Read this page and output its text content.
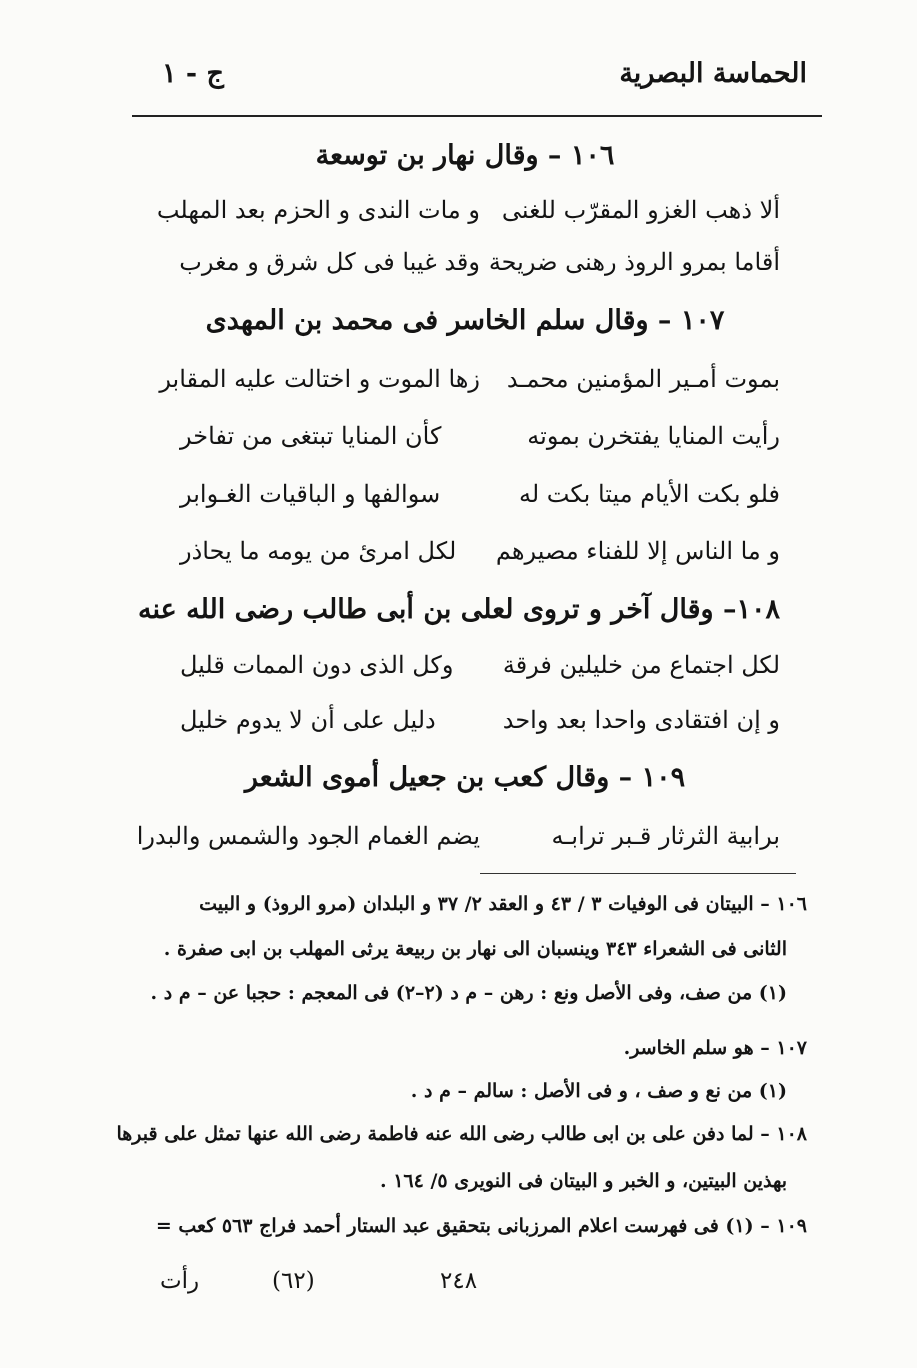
الحماسة البصرية
ج - ١
١٠٦ – وقال نهار بن توسعة
ألا ذهب الغزو المقرّب للغنى
و مات الندى و الحزم بعد المهلب
أقاما بمرو الروذ رهنى ضريحة
وقد غيبا فى كل شرق و مغرب
١٠٧ – وقال سلم الخاسر فى محمد بن المهدى
بموت أمـير المؤمنين محمـد
زها الموت و اختالت عليه المقابر
رأيت المنايا يفتخرن بموته
كأن المنايا تبتغى من تفاخر
فلو بكت الأيام ميتا بكت له
سوالفها و الباقيات الغـوابر
و ما الناس إلا للفناء مصيرهم
لكل امرئ من يومه ما يحاذر
١٠٨– وقال آخر و تروى لعلى بن أبى طالب رضى الله عنه
لكل اجتماع من خليلين فرقة
وكل الذى دون الممات قليل
و إن افتقادى واحدا بعد واحد
دليل على أن لا يدوم خليل
١٠٩ – وقال كعب بن جعيل أموى الشعر
برابية الثرثار قـبر ترابـه
يضم الغمام الجود والشمس والبدرا
١٠٦ – البيتان فى الوفيات ٣ / ٤٣ و العقد ٢/ ٣٧ و البلدان (مرو الروذ) و البيت
الثانى فى الشعراء ٣٤٣ وينسبان الى نهار بن ربيعة يرثى المهلب بن ابى صفرة .
(١) من صف، وفى الأصل ونع : رهن – م د (٢–٢) فى المعجم : حجبا عن – م د .
١٠٧ – هو سلم الخاسر.
(١) من نع و صف ، و فى الأصل : سالم – م د .
١٠٨ – لما دفن على بن ابى طالب رضى الله عنه فاطمة رضى الله عنها تمثل على قبرها
بهذين البيتين، و الخبر و البيتان فى النويرى ٥/ ١٦٤ .
١٠٩ – (١) فى فهرست اعلام المرزبانى بتحقيق عبد الستار أحمد فراج ٥٦٣ كعب =
رأت	(٦٢)	٢٤٨
